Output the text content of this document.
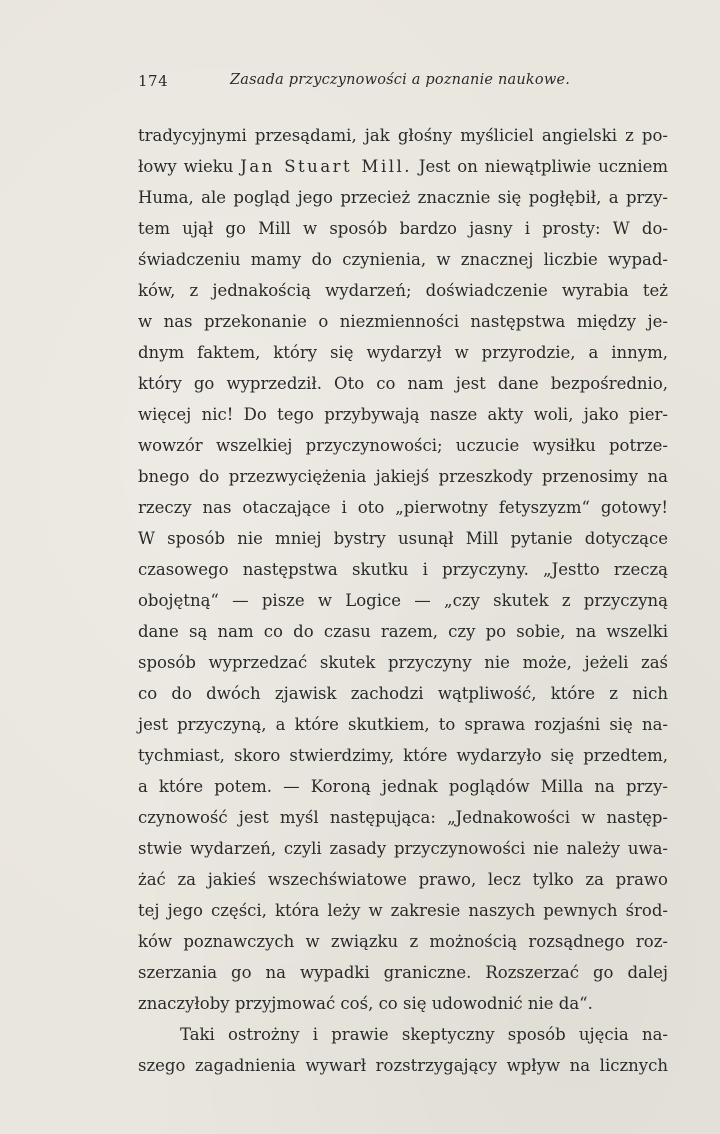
174	Zasada przyczynowości a poznanie naukowe.
tradycyjnymi przesądami, jak głośny myśliciel angielski z po-
łowy wieku Jan Stuart Mill. Jest on niewątpliwie uczniem
Huma, ale pogląd jego przecież znacznie się pogłębił, a przy-
tem ujął go Mill w sposób bardzo jasny i prosty: W do-
świadczeniu mamy do czynienia, w znacznej liczbie wypad-
ków, z jednakością wydarzeń; doświadczenie wyrabia też
w nas przekonanie o niezmienności następstwa między je-
dnym faktem, który się wydarzył w przyrodzie, a innym,
który go wyprzedził. Oto co nam jest dane bezpośrednio,
więcej nic! Do tego przybywają nasze akty woli, jako pier-
wowzór wszelkiej przyczynowości; uczucie wysiłku potrze-
bnego do przezwyciężenia jakiejś przeszkody przenosimy na
rzeczy nas otaczające i oto „pierwotny fetyszyzm“ gotowy!
W sposób nie mniej bystry usunął Mill pytanie dotyczące
czasowego następstwa skutku i przyczyny. „Jestto rzeczą
obojętną“ — pisze w Logice — „czy skutek z przyczyną
dane są nam co do czasu razem, czy po sobie, na wszelki
sposób wyprzedzać skutek przyczyny nie może, jeżeli zaś
co do dwóch zjawisk zachodzi wątpliwość, które z nich
jest przyczyną, a które skutkiem, to sprawa rozjaśni się na-
tychmiast, skoro stwierdzimy, które wydarzyło się przedtem,
a które potem. — Koroną jednak poglądów Milla na przy-
czynowość jest myśl następująca: „Jednakowości w następ-
stwie wydarzeń, czyli zasady przyczynowości nie należy uwa-
żać za jakieś wszechświatowe prawo, lecz tylko za prawo
tej jego części, która leży w zakresie naszych pewnych środ-
ków poznawczych w związku z możnością rozsądnego roz-
szerzania go na wypadki graniczne. Rozszerzać go dalej
znaczyłoby przyjmować coś, co się udowodnić nie da“.
Taki ostrożny i prawie skeptyczny sposób ujęcia na-
szego zagadnienia wywarł rozstrzygający wpływ na licznych
